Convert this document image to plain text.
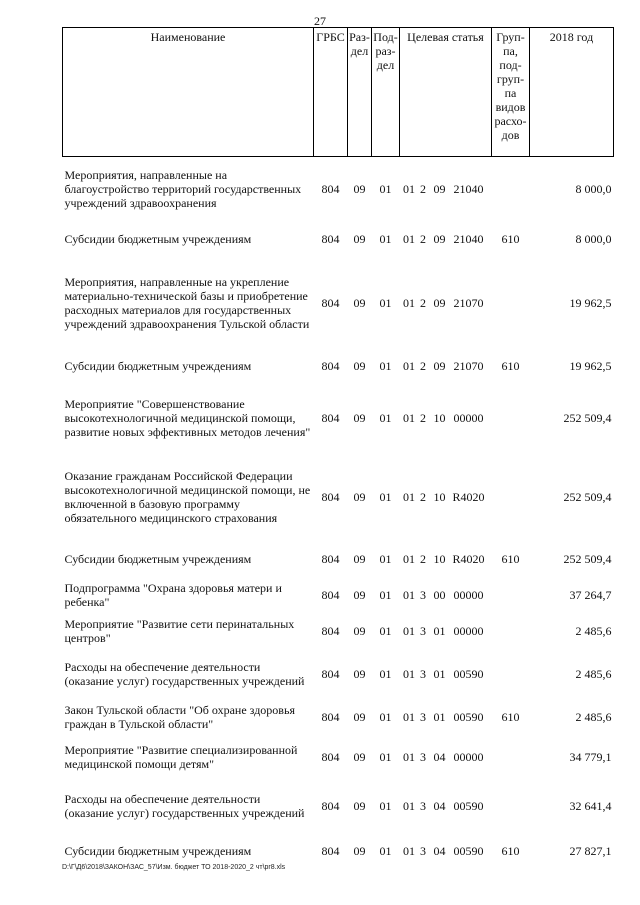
27
Наименование	ГРБС	Раз-дел	Под-раз-дел	Целевая статья	Груп-па, под-груп-па видов расхо-дов	2018 год
Мероприятия, направленные на благоустройство территорий государственных учреждений здравоохранения	804	09	01	01 2 09 21040		8 000,0
Субсидии бюджетным учреждениям	804	09	01	01 2 09 21040	610	8 000,0
Мероприятия, направленные на укрепление материально-технической базы и приобретение расходных материалов для государственных учреждений здравоохранения Тульской области	804	09	01	01 2 09 21070		19 962,5
Субсидии бюджетным учреждениям	804	09	01	01 2 09 21070	610	19 962,5
Мероприятие "Совершенствование высокотехнологичной медицинской помощи, развитие новых эффективных методов лечения"	804	09	01	01 2 10 00000		252 509,4
Оказание гражданам Российской Федерации высокотехнологичной медицинской помощи, не включенной в базовую программу обязательного медицинского страхования	804	09	01	01 2 10 R4020		252 509,4
Субсидии бюджетным учреждениям	804	09	01	01 2 10 R4020	610	252 509,4
Подпрограмма "Охрана здоровья матери и ребенка"	804	09	01	01 3 00 00000		37 264,7
Мероприятие "Развитие сети перинатальных центров"	804	09	01	01 3 01 00000		2 485,6
Расходы на обеспечение деятельности (оказание услуг) государственных учреждений	804	09	01	01 3 01 00590		2 485,6
Закон Тульской области "Об охране здоровья граждан в Тульской области"	804	09	01	01 3 01 00590	610	2 485,6
Мероприятие "Развитие специализированной медицинской помощи детям"	804	09	01	01 3 04 00000		34 779,1
Расходы на обеспечение деятельности (оказание услуг) государственных учреждений	804	09	01	01 3 04 00590		32 641,4
Субсидии бюджетным учреждениям	804	09	01	01 3 04 00590	610	27 827,1
D:\Г\Д6\2018\ЗАКОН\ЗАС_57\Изм. бюджет ТО 2018-2020_2 чт\pr8.xls
